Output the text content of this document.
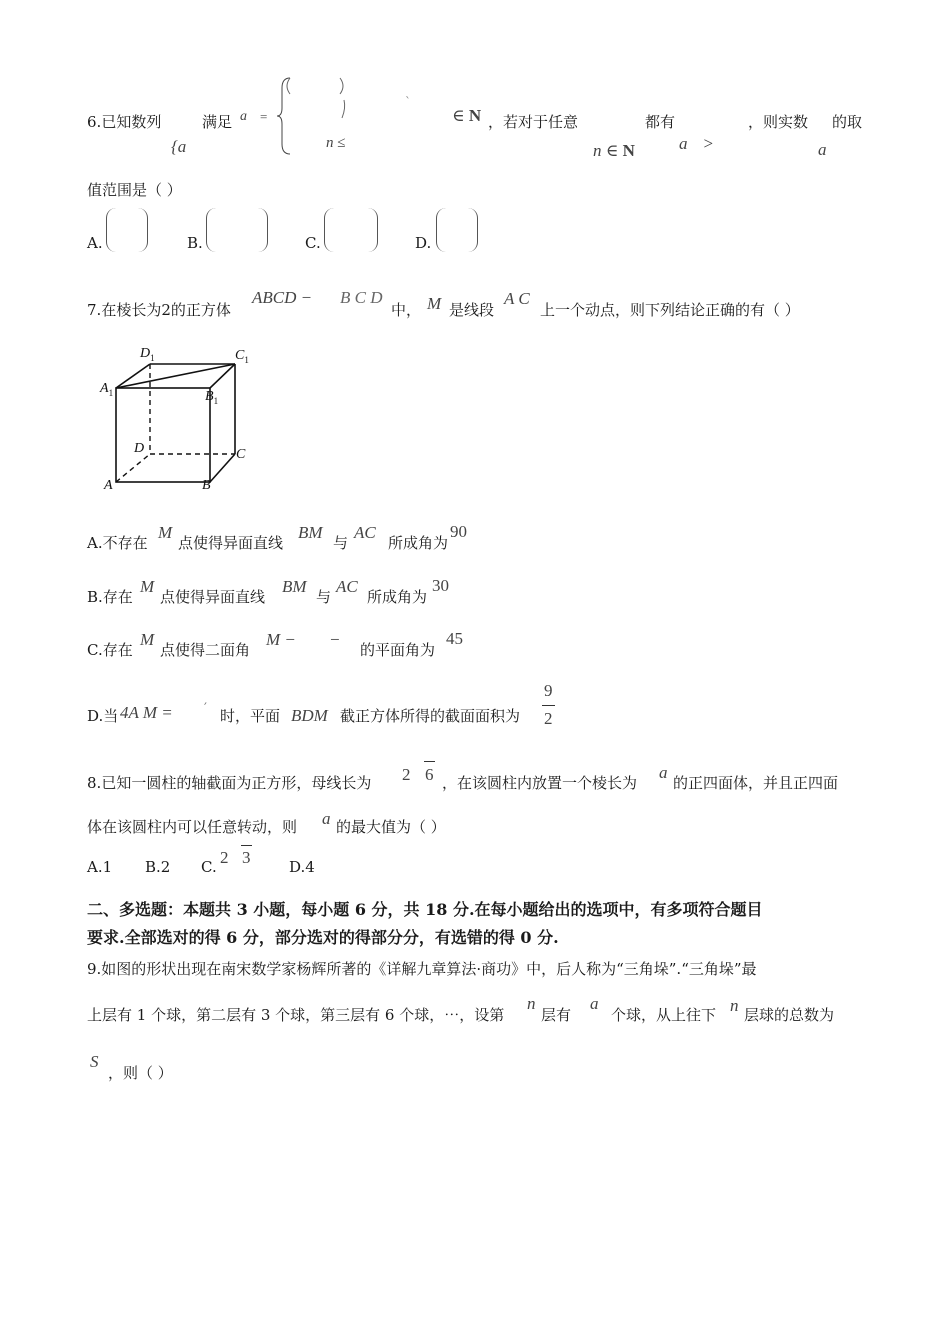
6.已知数列
{a
满足 a =
n ≤
ˋ
∈ N ，若对于任意
n ∈ N
都有
a >
，则实数
a
的取
值范围是（ ）
A.	B.	C.	D.
7.在棱长为2的正方体
ABCD − B C D
中， M 是线段
A C
上一个动点，则下列结论正确的有（ ）
$D_1$	$C_1$
$A_1$	$B_1$
D	C
A	B
A.不存在
M
点使得异面直线
BM
与
AC
所成角为
90
B.存在
M
点使得异面直线
BM
与
AC
所成角为
30
C.存在
M
点使得二面角
M − −
的平面角为
45
D.当 4A M = ′ 时，平面 BDM 截正方体所得的截面面积为
9
2
8.已知一圆柱的轴截面为正方形，母线长为 2 6 ，在该圆柱内放置一个棱长为
a
的正四面体，并且正四面
体在该圆柱内可以任意转动，则 a 的最大值为（ ）
A.1 B.2 C. 2 3	D.4
二、多选题：本题共 3 小题，每小题 6 分，共 18 分.在每小题给出的选项中，有多项符合题目
要求.全部选对的得 6 分，部分选对的得部分分，有选错的得 0 分.
9.如图的形状出现在南宋数学家杨辉所著的《详解九章算法·商功》中，后人称为“三角垛”.“三角垛”最
上层有 1 个球，第二层有 3 个球，第三层有 6 个球，⋯，设第
n
层有
a
个球，从上往下 n 层球的总数为
S
，则（ ）
